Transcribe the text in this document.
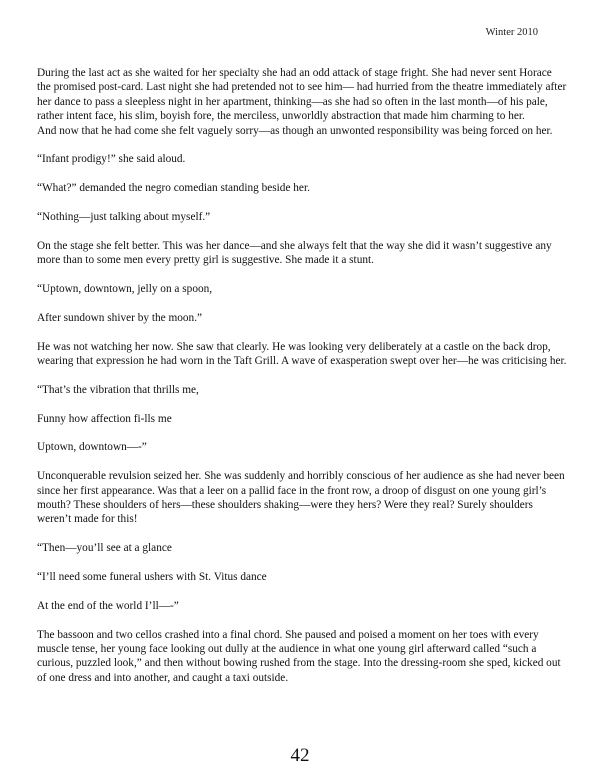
Winter 2010

During the last act as she waited for her specialty she had an odd attack of stage fright. She had never sent Horace the promised post-card. Last night she had pretended not to see him— had hurried from the theatre immediately after her dance to pass a sleepless night in her apartment, thinking—as she had so often in the last month—of his pale, rather intent face, his slim, boyish fore, the merciless, unworldly abstraction that made him charming to her.

And now that he had come she felt vaguely sorry—as though an unwonted responsibility was being forced on her.

“Infant prodigy!” she said aloud.

“What?” demanded the negro comedian standing beside her.

“Nothing—just talking about myself.”

On the stage she felt better. This was her dance—and she always felt that the way she did it wasn’t suggestive any more than to some men every pretty girl is suggestive. She made it a stunt.

“Uptown, downtown, jelly on a spoon,

After sundown shiver by the moon.”

He was not watching her now. She saw that clearly. He was looking very deliberately at a castle on the back drop, wearing that expression he had worn in the Taft Grill. A wave of exasperation swept over her—he was criticising her.

“That’s the vibration that thrills me,

Funny how affection fi-lls me

Uptown, downtown—-”

Unconquerable revulsion seized her. She was suddenly and horribly conscious of her audience as she had never been since her first appearance. Was that a leer on a pallid face in the front row, a droop of disgust on one young girl’s mouth? These shoulders of hers—these shoulders shaking—were they hers? Were they real? Surely shoulders weren’t made for this!

“Then—you’ll see at a glance

“I’ll need some funeral ushers with St. Vitus dance

At the end of the world I’ll—-”

The bassoon and two cellos crashed into a final chord. She paused and poised a moment on her toes with every muscle tense, her young face looking out dully at the audience in what one young girl afterward called “such a curious, puzzled look,” and then without bowing rushed from the stage. Into the dressing-room she sped, kicked out of one dress and into another, and caught a taxi outside.

42
